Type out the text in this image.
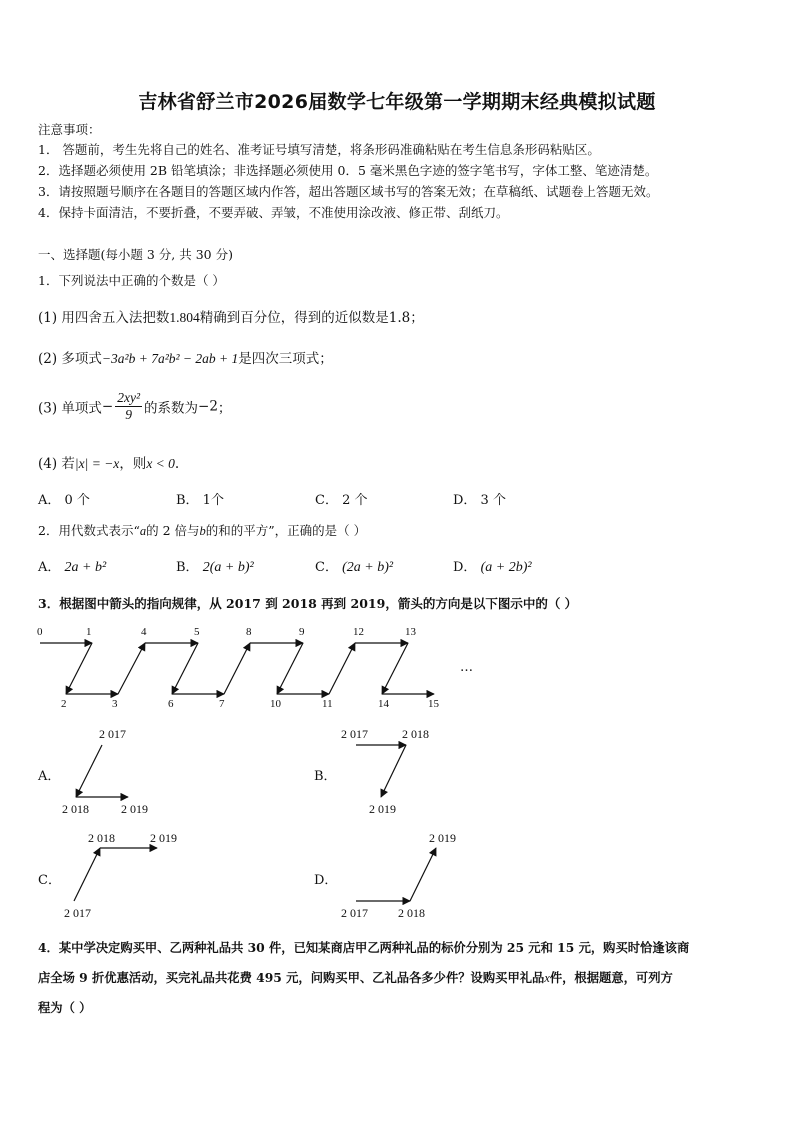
吉林省舒兰市2026届数学七年级第一学期期末经典模拟试题
注意事项：
1． 答题前，考生先将自己的姓名、准考证号填写清楚，将条形码准确粘贴在考生信息条形码粘贴区。
2．选择题必须使用 2B 铅笔填涂；非选择题必须使用 0．5 毫米黑色字迹的签字笔书写，字体工整、笔迹清楚。
3．请按照题号顺序在各题目的答题区域内作答，超出答题区域书写的答案无效；在草稿纸、试题卷上答题无效。
4．保持卡面清洁，不要折叠，不要弄破、弄皱，不准使用涂改液、修正带、刮纸刀。
一、选择题(每小题 3 分, 共 30 分)
1．下列说法中正确的个数是（ ）
(1) 用四舍五入法把数1.804精确到百分位，得到的近似数是1.8；
(2) 多项式−3a²b + 7a²b² − 2ab + 1是四次三项式；
(3) 单项式− $\frac{\text{2xy²}}{9}$ 的系数为−2；
(4) 若|x| = −x，则x < 0.
A． 0 个	B． 1个	C． 2 个	D． 3 个
2．用代数式表示“a的 2 倍与b的和的平方”，正确的是（ ）
A． 2a + b²	B． 2(a + b)²	C． (2a + b)²	D． (a + 2b)²
3．根据图中箭头的指向规律，从 2017 到 2018 再到 2019，箭头的方向是以下图示中的（ ）
0	1	4	5	8	9	12	13
2	3	6	7	10	11	14	15
…
A．
2 017
2 018	2 019
B．
2 017	2 018
2 019
C．
2 018	2 019
2 017
D．
2 019
2 017	2 018
4．某中学决定购买甲、乙两种礼品共 30 件，已知某商店甲乙两种礼品的标价分别为 25 元和 15 元，购买时恰逢该商
店全场 9 折优惠活动，买完礼品共花费 495 元，问购买甲、乙礼品各多少件？设购买甲礼品x件，根据题意，可列方
程为（ ）
